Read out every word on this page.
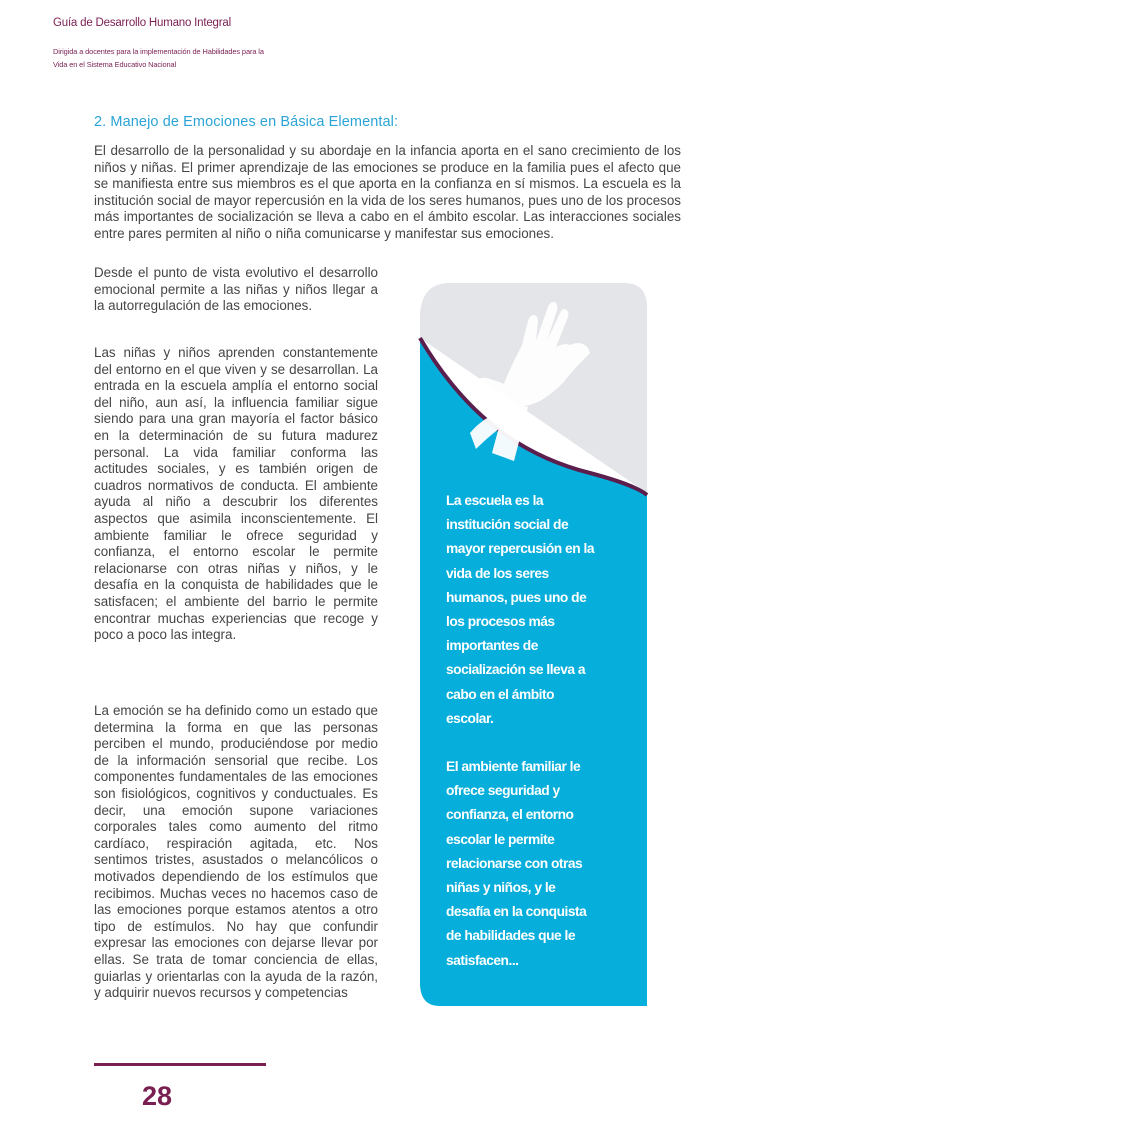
Guía de Desarrollo Humano Integral
Dirigida a docentes para la implementación de Habilidades para la
Vida en el Sistema Educativo Nacional
2. Manejo de Emociones en Básica Elemental:

El desarrollo de la personalidad y su abordaje en la infancia aporta en el sano crecimiento de los niños y niñas. El primer aprendizaje de las emociones se produce en la familia pues el afecto que se manifiesta entre sus miembros es el que aporta en la confianza en sí mismos. La escuela es la institución social de mayor repercusión en la vida de los seres humanos, pues uno de los procesos más importantes de socialización se lleva a cabo en el ámbito escolar. Las interacciones sociales entre pares permiten al niño o niña comunicarse y manifestar sus emociones.

Desde el punto de vista evolutivo el desarrollo emocional permite a las niñas y niños llegar a la autorregulación de las emociones.

Las niñas y niños aprenden constantemente del entorno en el que viven y se desarrollan. La entrada en la escuela amplía el entorno social del niño, aun así, la influencia familiar sigue siendo para una gran mayoría el factor básico en la determinación de su futura madurez personal. La vida familiar conforma las actitudes sociales, y es también origen de cuadros normativos de conducta. El ambiente ayuda al niño a descubrir los diferentes aspectos que asimila inconscientemente. El ambiente familiar le ofrece seguridad y confianza, el entorno escolar le permite relacionarse con otras niñas y niños, y le desafía en la conquista de habilidades que le satisfacen; el ambiente del barrio le permite encontrar muchas experiencias que recoge y poco a poco las integra.

La emoción se ha definido como un estado que determina la forma en que las personas perciben el mundo, produciéndose por medio de la información sensorial que recibe. Los componentes fundamentales de las emociones son fisiológicos, cognitivos y conductuales. Es decir, una emoción supone variaciones corporales tales como aumento del ritmo cardíaco, respiración agitada, etc. Nos sentimos tristes, asustados o melancólicos o motivados dependiendo de los estímulos que recibimos. Muchas veces no hacemos caso de las emociones porque estamos atentos a otro tipo de estímulos. No hay que confundir expresar las emociones con dejarse llevar por ellas. Se trata de tomar conciencia de ellas, guiarlas y orientarlas con la ayuda de la razón, y adquirir nuevos recursos y competencias

La escuela es la
institución social de
mayor repercusión en la
vida de los seres
humanos, pues uno de
los procesos más
importantes de
socialización se lleva a
cabo en el ámbito
escolar.
El ambiente familiar le
ofrece seguridad y
confianza, el entorno
escolar le permite
relacionarse con otras
niñas y niños, y le
desafía en la conquista
de habilidades que le
satisfacen...
28
